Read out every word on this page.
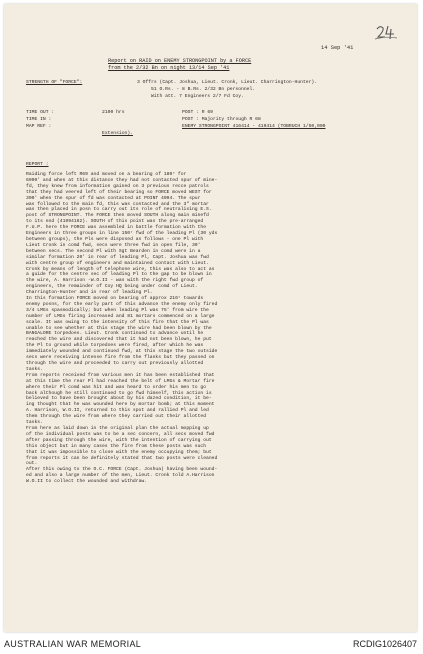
14 Sep '41

Report on RAID on ENEMY STRONGPOINT by a FORCE

from the 2/32 Bn on night 13/14 Sep '41

STRENGTH OF "FORCE":	3 Offrs (Capt. Joshua, Lieut. Cronk, Lieut. Charrington-Hunter).

51 O.Rs. - 8 B.Rs. 2/32 Bn personnel.

With att. 7 Engineers 2/7 Fd Coy.

TIME OUT :	2100 hrs	POST : R 69

TIME IN :	POST : Majority through R 68

MAP REF :	ENEMY STRONGPOINT 416414 - 419414 (TOBRUCH 1/50,000

Extension).

REPORT :

Raiding force left R69 and moved on a bearing of 180° for

6900' and when at this distance they had not contacted spur of mine-

fd, they knew from information gained on 3 previous recce patrols

that they had veered left of their bearing so FORCE moved WEST for

300' when the spur of fd was contacted at POINT 4094. The spur

was followed to the main fd, this was contacted and the 3" mortar

was then placed in posn to carry out its role of neutralising E.S.

post of STRONGPOINT. The FORCE then moved SOUTH along main minefd

to its end (41994162). SOUTH of this point was the pre-arranged

F.U.P. here the FORCE was assembled in battle formation with the

Engineers in three groups in line 150° fwd of the leading Pl (30 yds

between groups), the Pls were disposed as follows - one Pl with

Lieut Cronk in comd fwd, secs were three fwd in open file, 30'

between secs. The second Pl with Sgt Bearden in comd were in a

similar formation 20' in rear of leading Pl, Capt. Joshua was fwd

with centre group of engineers and maintained contact with Lieut.

Cronk by means of length of telephone wire, this was also to act as

a guide for the centre sec of leading Pl to the gap to be blown in

the wire, A. Harrison -W.O.II - was with the right fwd group of

engineers, the remainder of Coy HQ being under comd of Lieut.

Charrington-Hunter and in rear of leading Pl.

In this formation FORCE moved on bearing of approx 216° towards

enemy posns, for the early part of this advance the enemy only fired

3/4 LMGs spasmodically; but when leading Pl was 75' from wire the

number of LMGs firing increased and 81 mortars commenced on a large

scale. It was owing to the intensity of this fire that the Pl was

unable to see whether at this stage the wire had been blown by the

BANGALORE torpedoes. Lieut. Cronk continued to advance until he

reached the wire and discovered that it had not been blown, he put

the Pl to ground while torpedoes were fired, after which he was

immediately wounded and continued fwd, at this stage the two outside

secs were receiving intense fire from the flanks but they passed on

through the wire and proceeded to carry out previously allotted

tasks.

From reports received from various men it has been established that

at this time the rear Pl had reached the belt of LMGs & Mortar fire

where their Pl comd was hit and was heard to order his men to go

back although he still continued to go fwd himself, this action is

believed to have been brought about by his dazed condition, it be-

ing thought that he was wounded here by mortar bomb; at this moment

A. Harrison, W.O.II, returned to this spot and rallied Pl and led

them through the wire from where they carried out their allotted

tasks.

From here as laid down in the original plan the actual mopping up

of the individual posts was to be a sec concern, all secs moved fwd

after passing through the wire, with the intention of carrying out

this object but in many cases the fire from these posts was such

that it was impossible to close with the enemy occupying them; but

from reports it can be definitely stated that two posts were cleaned

out.

After this owing to the O.C. FORCE (Capt. Joshua) having been wound-

ed and also a large number of the men, Lieut. Cronk told A.Harrison

W.O.II to collect the wounded and withdraw.

AUSTRALIAN WAR MEMORIAL	RCDIG1026407
